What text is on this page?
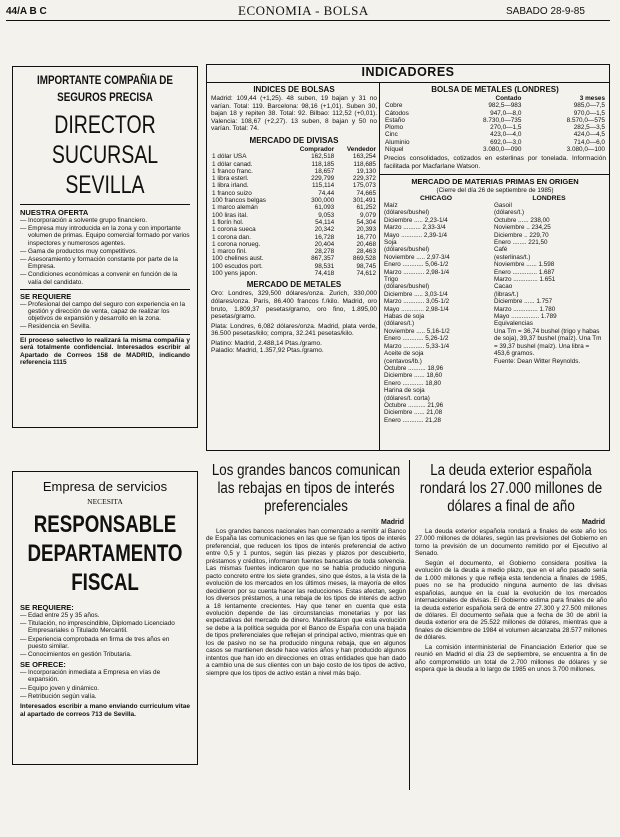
44/A B C	ECONOMIA - BOLSA	SABADO 28-9-85
IMPORTANTE COMPAÑIA DE SEGUROS PRECISA
DIRECTOR
SUCURSAL SEVILLA
NUESTRA OFERTA
— Incorporación a solvente grupo financiero.
— Empresa muy introducida en la zona y con importante volumen de primas. Equipo comercial formado por varios inspectores y numerosos agentes.
— Gama de productos muy competitivos.
— Asesoramiento y formación constante por parte de la Empresa.
— Condiciones económicas a convenir en función de la valía del candidato.
SE REQUIERE
— Profesional del campo del seguro con experiencia en la gestión y dirección de venta, capaz de realizar los objetivos de expansión y desarrollo en la zona.
— Residencia en Sevilla.

El proceso selectivo lo realizará la misma compañía y será totalmente confidencial. Interesados escribir al Apartado de Correos 158 de MADRID, indicando referencia 1115

Empresa de servicios
NECESITA
RESPONSABLE
DEPARTAMENTO
FISCAL
SE REQUIERE:
— Edad entre 25 y 35 años.
— Titulación, no imprescindible, Diplomado Licenciado Empresariales o Titulado Mercantil.
— Experiencia comprobada en firma de tres años en puesto similar.
— Conocimientos en gestión Tributaria.
SE OFRECE:
— Incorporación inmediata a Empresa en vías de expansión.
— Equipo joven y dinámico.
— Retribución según valía.

Interesados escribir a mano enviando curriculum vitae al apartado de correos 713 de Sevilla.

INDICADORES
INDICES DE BOLSAS

Madrid: 109,44 (+1,25). 48 suben, 19 bajan y 31 no varían. Total: 119. Barcelona: 98,16 (+1,01). Suben 30, bajan 18 y repiten 38. Total: 92. Bilbao: 112,52 (+0,01). Valencia: 108,67 (+2,27). 13 suben, 8 bajan y 50 no varían. Total: 74.

MERCADO DE DIVISAS
	Comprador	Vendedor
1 dólar USA	162,518	163,254
1 dólar canad.	118,185	118,685
1 franco franc.	18,657	19,130
1 libra esterl.	229,799	229,372
1 libra irland.	115,114	175,073
1 franco suizo	74,44	74,665
100 francos belgas	300,000	301,491
1 marco alemán	61,093	61,252
100 liras ital.	9,053	9,079
1 florín hol.	54,114	54,304
1 corona sueca	20,342	20,393
1 corona dan.	16,728	16,770
1 corona norueg.	20,404	20,468
1 marco finl.	28,278	28,463
100 chelines aust.	867,357	869,528
100 escudos port.	98,531	98,745
100 yens japon.	74,418	74,612
MERCADO DE METALES

Oro: Londres, 329,500 dólares/onza. Zurich, 330,000 dólares/onza. París, 86.400 francos f./kilo. Madrid, oro bruto, 1.809,37 pesetas/gramo, oro fino, 1.895,00 pesetas/gramo.

Plata: Londres, 6,082 dólares/onza. Madrid, plata verde, 36.500 pesetas/kilo; compra, 32.241 pesetas/kilo.

Platino: Madrid, 2.488,14 Ptas./gramo.

Paladio: Madrid, 1.357,92 Ptas./gramo.

BOLSA DE METALES (LONDRES)
	Contado	3 meses
Cobre	982,5—983	985,0—7,5
Cátodos	947,0—8,0	970,0—1,5
Estaño	8.730,0—735	8.570,0—575
Plomo	270,0—1,5	282,5—3,5
Cinc	423,0—4,0	424,0—4,5
Aluminio	692,0—3,0	714,0—6,0
Níquel	3.080,0—090	3.080,0—100

Precios consolidados, cotizados en esterlinas por tonelada. Información facilitada por Macfarlane Watson.

MERCADO DE MATERIAS PRIMAS EN ORIGEN
(Cierre del día 26 de septiembre de 1985)
CHICAGO
Maíz
(dólares/bushel)
Diciembre ..... 2,23-1/4
Marzo .......... 2,33-3/4
Mayo ............ 2,39-1/4
Soja
(dólares/bushel)
Noviembre ..... 2,97-3/4
Enero ............ 5,06-1/2
Marzo ............ 2,98-1/4
Trigo
(dólares/bushel)
Diciembre ..... 3,03-1/4
Marzo ............ 3,05-1/2
Mayo ............. 2,98-1/4
Habas de soja
(dólares/t.)
Noviembre ..... 5,16-1/2
Enero ............ 5,26-1/2
Marzo ............ 5,33-1/4
Aceite de soja
(centavos/lb.)
Octubre .......... 18,96
Diciembre ...... 18,60
Enero ............ 18,80
Harina de soja
(dólares/t. corta)
Octubre .......... 21,96
Diciembre ...... 21,08
Enero ............ 21,28
LONDRES
Gasoil
(dólares/t.)
Octubre ...... 238,00
Noviembre .. 234,25
Diciembre .. 229,70
Enero ........ 221,50
Café
(esterlinas/t.)
Noviembre ...... 1.598
Enero .............. 1.687
Marzo .............. 1.651
Cacao
(libras/t.)
Diciembre ...... 1.757
Marzo .............. 1.780
Mayo ................ 1.789
Equivalencias
Una Tm = 36,74 bushel (trigo y habas de soja), 39,37 bushel (maíz). Una Tm = 39,37 bushel (maíz). Una libra = 453,6 gramos.
Fuente: Dean Witter Reynolds.
Los grandes bancos comunican las rebajas en tipos de interés preferenciales
Madrid

Los grandes bancos nacionales han comenzado a remitir al Banco de España las comunicaciones en las que se fijan los tipos de interés preferencial, que reducen los tipos de interés preferencial de activo entre 0,5 y 1 puntos, según las piezas y plazos por descubierto, préstamos y créditos, informaron fuentes bancarias de toda solvencia. Las mismas fuentes indicaron que no se había producido ninguna pacto concreto entre los siete grandes, sino que éstos, a la vista de la evolución de los mercados en los últimos meses, la mayoría de ellos decidieron por su cuenta hacer las reducciones. Estas afectan, según los diversos préstamos, a una rebaja de los tipos de interés de activo a 18 lentamente crecientes. Hay que tener en cuenta que esta evolución depende de las circunstancias monetarias y por las expectativas del mercado de dinero. Manifestaron que esta evolución se debe a la política seguida por el Banco de España con una bajada de tipos preferenciales que reflejan el principal activo, mientras que en los de pasivo no se ha producido ninguna rebaja, que en algunos casos se mantienen desde hace varios años y han producido algunos intentos que han ido en direcciones en otras entidades que han dado a cambio una de sus clientes con un bajo costo de los tipos de activo, siempre que los tipos de activo están a nivel más bajo.

La deuda exterior española rondará los 27.000 millones de dólares a final de año
Madrid

La deuda exterior española rondará a finales de este año los 27.000 millones de dólares, según las previsiones del Gobierno en torno la previsión de un documento remitido por el Ejecutivo al Senado.

Según el documento, el Gobierno considera positiva la evolución de la deuda a medio plazo, que en el año pasado sería de 1.000 millones y que refleja esta tendencia a finales de 1985, pues no se ha producido ninguna aumento de las divisas españolas, aunque en la cual la evolución de los mercados internacionales de divisas. El Gobierno estima para finales de año la deuda exterior española será de entre 27.300 y 27.500 millones de dólares. El documento señala que a fecha de 30 de abril la deuda exterior era de 25.522 millones de dólares, mientras que a finales de diciembre de 1984 el volumen alcanzaba 28.577 millones de dólares.

La comisión interministerial de Financiación Exterior que se reunió en Madrid el día 23 de septiembre, se encuentra a fin de año comprometido un total de 2.700 millones de dólares y se espera que la deuda a lo largo de 1985 en unos 3.700 millones.
